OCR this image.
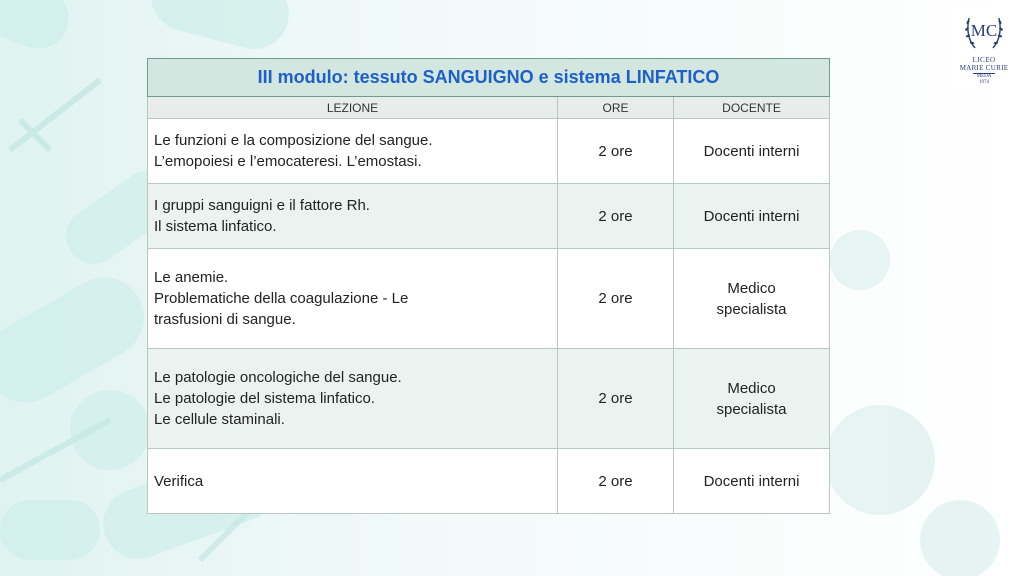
MC
LICEO
MARIE CURIE
MEDA
1974
III modulo: tessuto SANGUIGNO e sistema LINFATICO		
LEZIONE	ORE	DOCENTE

Le funzioni e la composizione del sangue.
L’emopoiesi e l’emocateresi. L’emostasi.	2 ore	Docenti interni

I gruppi sanguigni e il fattore Rh.
Il sistema linfatico.	2 ore	Docenti interni

Le anemie.
Problematiche della coagulazione - Le
trasfusioni di sangue.	2 ore	Medico
specialista

Le patologie oncologiche del sangue.
Le patologie del sistema linfatico.
Le cellule staminali.	2 ore	Medico
specialista

Verifica	2 ore	Docenti interni
